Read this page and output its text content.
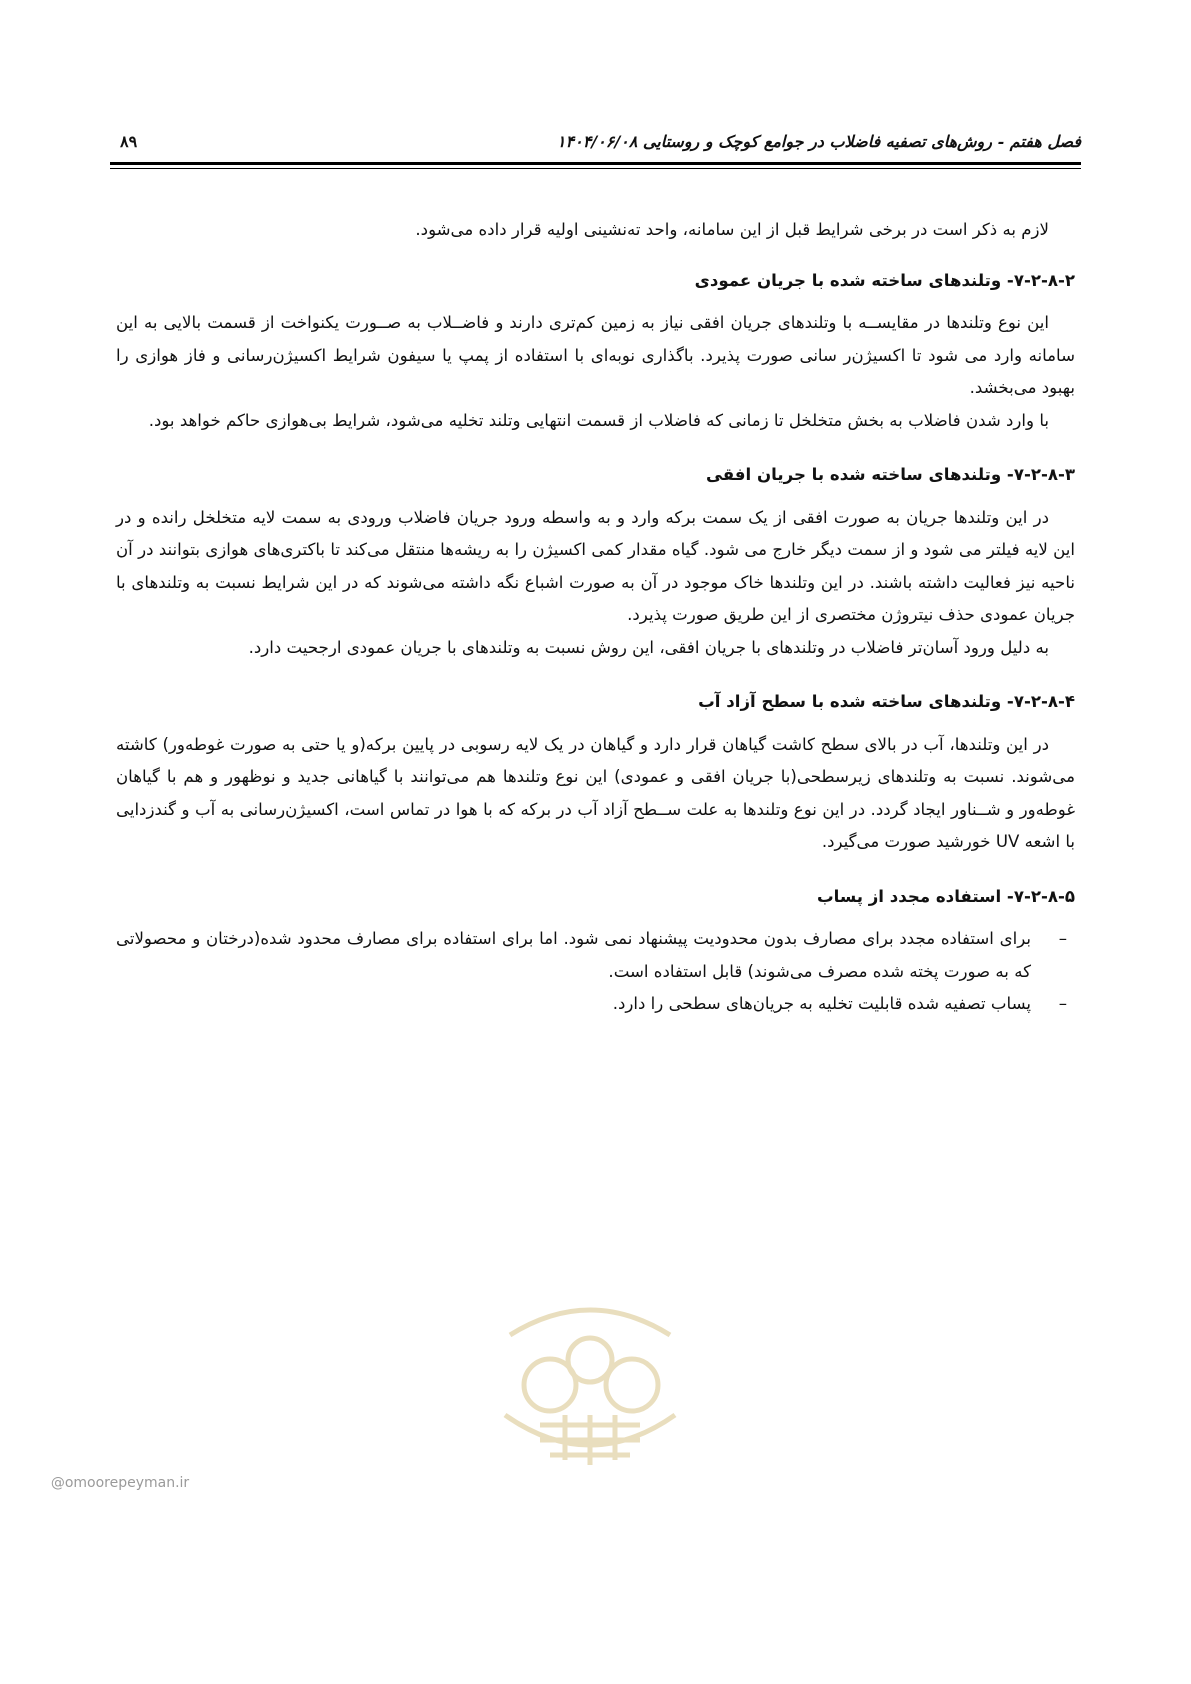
فصل هفتم - روش‌های تصفیه فاضلاب در جوامع کوچک و روستایی ۱۴۰۴/۰۶/۰۸
۸۹

لازم به ذکر است در برخی شرایط قبل از این سامانه، واحد ته‌نشینی اولیه قرار داده می‌شود.

۷-۲-۸-۲- وتلندهای ساخته شده با جریان عمودی

این نوع وتلندها در مقایســه با وتلندهای جریان افقی نیاز به زمین کم‌تری دارند و فاضــلاب به صــورت یکنواخت از قسمت بالایی به این سامانه وارد می شود تا اکسیژن‌ر سانی صورت پذیرد. باگذاری نوبه‌ای با استفاده از پمپ یا سیفون شرایط اکسیژن‌رسانی و فاز هوازی را بهبود می‌بخشد.

با وارد شدن فاضلاب به بخش متخلخل تا زمانی که فاضلاب از قسمت انتهایی وتلند تخلیه می‌شود، شرایط بی‌هوازی حاکم خواهد بود.

۷-۲-۸-۳- وتلندهای ساخته شده با جریان افقی

در این وتلندها جریان به صورت افقی از یک سمت برکه وارد و به واسطه ورود جریان فاضلاب ورودی به سمت لایه متخلخل رانده و در این لایه فیلتر می شود و از سمت دیگر خارج می شود. گیاه مقدار کمی اکسیژن را به ریشه‌ها منتقل می‌کند تا باکتری‌های هوازی بتوانند در آن ناحیه نیز فعالیت داشته باشند. در این وتلندها خاک موجود در آن به صورت اشباع نگه داشته می‌شوند که در این شرایط نسبت به وتلندهای با جریان عمودی حذف نیتروژن مختصری از این طریق صورت پذیرد.

به دلیل ورود آسان‌تر فاضلاب در وتلندهای با جریان افقی، این روش نسبت به وتلندهای با جریان عمودی ارجحیت دارد.

۷-۲-۸-۴- وتلندهای ساخته شده با سطح آزاد آب

در این وتلندها، آب در بالای سطح کاشت گیاهان قرار دارد و گیاهان در یک لایه رسوبی در پایین برکه(و یا حتی به صورت غوطه‌ور) کاشته می‌شوند. نسبت به وتلندهای زیرسطحی(با جریان افقی و عمودی) این نوع وتلندها هم می‌توانند با گیاهانی جدید و نوظهور و هم با گیاهان غوطه‌ور و شــناور ایجاد گردد. در این نوع وتلندها به علت ســطح آزاد آب در برکه که با هوا در تماس است، اکسیژن‌رسانی به آب و گندزدایی با اشعه UV خورشید صورت می‌گیرد.

۷-۲-۸-۵- استفاده مجدد از پساب

–
برای استفاده مجدد برای مصارف بدون محدودیت پیشنهاد نمی شود. اما برای استفاده برای مصارف محدود شده(درختان و محصولاتی که به صورت پخته شده مصرف می‌شوند) قابل استفاده است.
–
پساب تصفیه شده قابلیت تخلیه به جریان‌های سطحی را دارد.
@omoorepeyman.ir
